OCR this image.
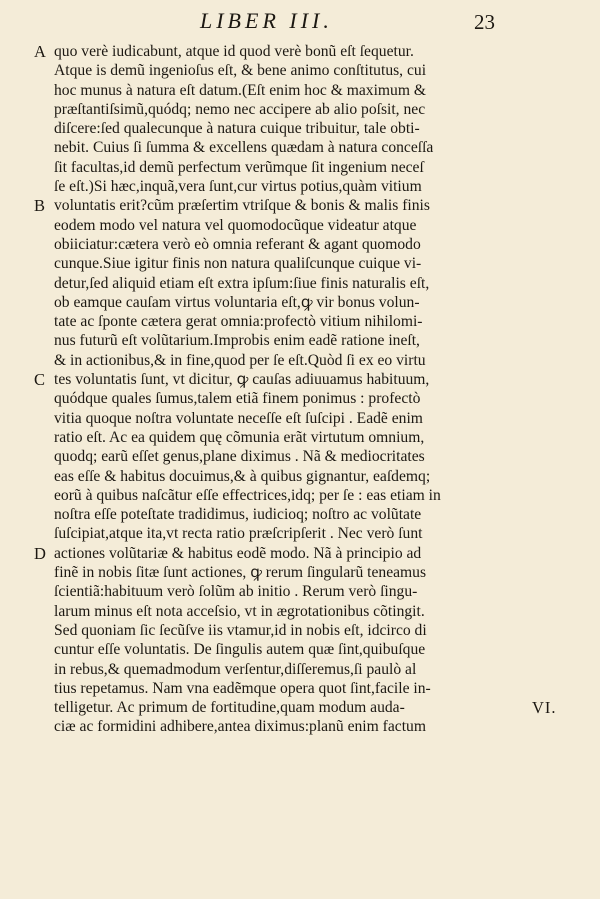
LIBER III.	23
A quo verè iudicabunt, atque id quod verè bonũ eſt ſequetur.
Atque is demũ ingenioſus eſt, & bene animo conſtitutus, cui
hoc munus à natura eſt datum.(Eſt enim hoc & maximum &
præſtantiſsimũ,quódq; nemo nec accipere ab alio poſsit, nec
diſcere:ſed qualecunque à natura cuique tribuitur, tale obti-
nebit. Cuius ſi ſumma & excellens quædam à natura conceſſa
ſit facultas,id demũ perfectum verũmque ſit ingenium neceſ
ſe eſt.)Si hæc,inquã,vera ſunt,cur virtus potius,quàm vitium
B voluntatis erit?cũm præſertim vtriſque & bonis & malis finis
eodem modo vel natura vel quomodocũque videatur atque
obiiciatur:cætera verò eò omnia referant & agant quomodo
cunque.Siue igitur finis non natura qualiſcunque cuique vi-
detur,ſed aliquid etiam eſt extra ipſum:ſiue finis naturalis eſt,
ob eamque cauſam virtus voluntaria eſt,ꝙ vir bonus volun-
tate ac ſponte cætera gerat omnia:profectò vitium nihilomi-
nus futurũ eſt volũtarium.Improbis enim eadẽ ratione ineſt,
& in actionibus,& in fine,quod per ſe eſt.Quòd ſi ex eo virtu
C tes voluntatis ſunt, vt dicitur, ꝙ cauſas adiuuamus habituum,
quódque quales ſumus,talem etiã finem ponimus : profectò
vitia quoque noſtra voluntate neceſſe eſt ſuſcipi . Eadẽ enim
ratio eſt. Ac ea quidem quę cõmunia erãt virtutum omnium,
quodq; earũ eſſet genus,plane diximus . Nã & mediocritates
eas eſſe & habitus docuimus,& à quibus gignantur, eaſdemq;
eorũ à quibus naſcãtur eſſe effectrices,idq; per ſe : eas etiam in
noſtra eſſe poteſtate tradidimus, iudicioq; noſtro ac volũtate
ſuſcipiat,atque ita,vt recta ratio præſcripſerit . Nec verò ſunt
D actiones volũtariæ & habitus eodẽ modo. Nã à principio ad
finẽ in nobis ſitæ ſunt actiones, ꝙ rerum ſingularũ teneamus
ſcientiã:habituum verò ſolũm ab initio . Rerum verò ſingu-
larum minus eſt nota acceſsio, vt in ægrotationibus cõtingit.
Sed quoniam ſic ſecũſve iis vtamur,id in nobis eſt, idcirco di
cuntur eſſe voluntatis. De ſingulis autem quæ ſint,quibuſque
in rebus,& quemadmodum verſentur,diſſeremus,ſi paulò al
tius repetamus. Nam vna eadẽmque opera quot ſint,facile in-
telligetur. Ac primum de fortitudine,quam modum auda-	VI.
ciæ ac formidini adhibere,antea diximus:planũ enim factum
